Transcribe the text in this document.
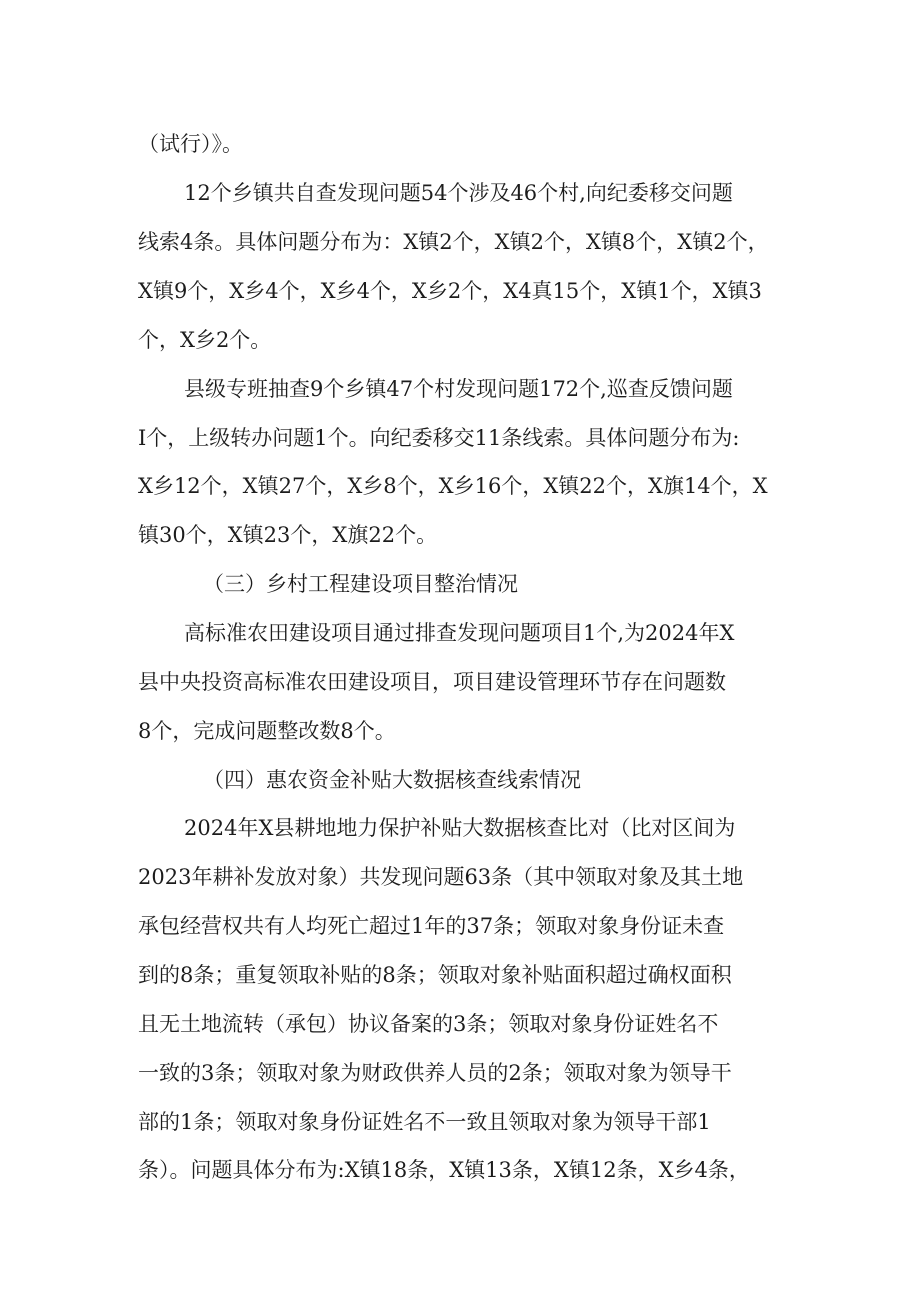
（试行）》。
12个乡镇共自查发现问题54个涉及46个村,向纪委移交问题
线索4条。具体问题分布为：X镇2个，X镇2个，X镇8个，X镇2个，
X镇9个，X乡4个，X乡4个，X乡2个，X4真15个，X镇1个，X镇3
个，X乡2个。
县级专班抽查9个乡镇47个村发现问题172个,巡查反馈问题
I个，上级转办问题1个。向纪委移交11条线索。具体问题分布为:
X乡12个，X镇27个，X乡8个，X乡16个，X镇22个，X旗14个，X
镇30个，X镇23个，X旗22个。
（三）乡村工程建设项目整治情况
高标准农田建设项目通过排查发现问题项目1个,为2024年X
县中央投资高标准农田建设项目，项目建设管理环节存在问题数
8个，完成问题整改数8个。
（四）惠农资金补贴大数据核查线索情况
2024年X县耕地地力保护补贴大数据核查比对（比对区间为
2023年耕补发放对象）共发现问题63条（其中领取对象及其土地
承包经营权共有人均死亡超过1年的37条；领取对象身份证未查
到的8条；重复领取补贴的8条；领取对象补贴面积超过确权面积
且无土地流转（承包）协议备案的3条；领取对象身份证姓名不
一致的3条；领取对象为财政供养人员的2条；领取对象为领导干
部的1条；领取对象身份证姓名不一致且领取对象为领导干部1
条）。问题具体分布为:X镇18条，X镇13条，X镇12条，X乡4条，
